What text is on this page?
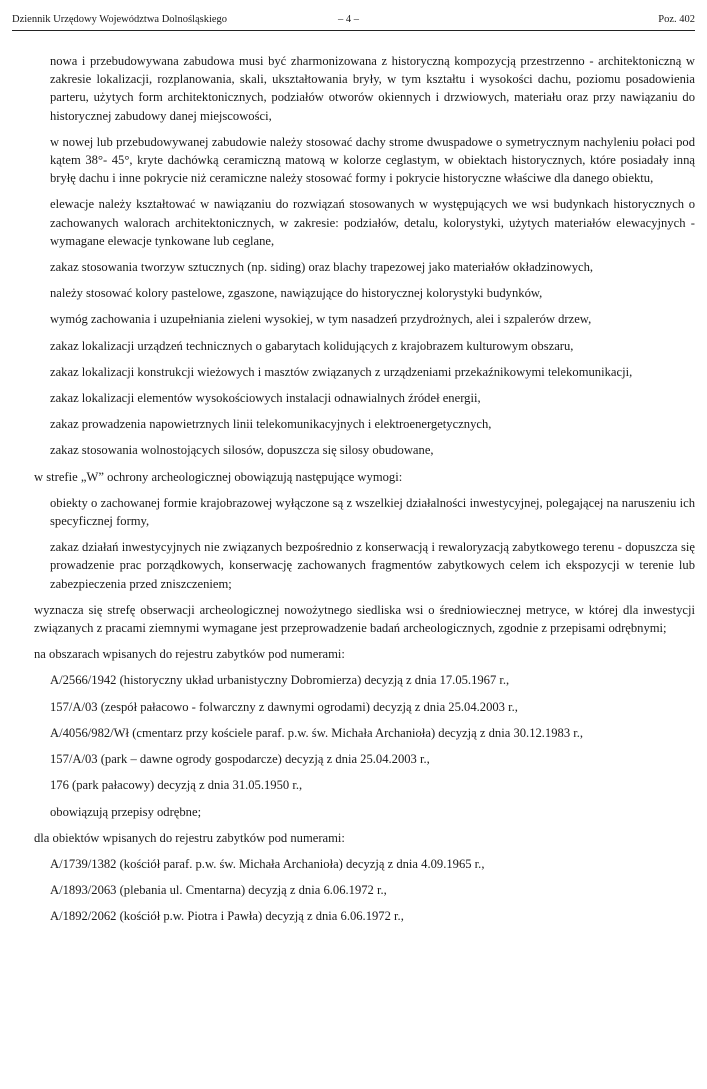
Dziennik Urzędowy Województwa Dolnośląskiego	– 4 –	Poz. 402
nowa i przebudowywana zabudowa musi być zharmonizowana z historyczną kompozycją przestrzenno - architektoniczną w zakresie lokalizacji, rozplanowania, skali, ukształtowania bryły, w tym kształtu i wysokości dachu, poziomu posadowienia parteru, użytych form architektonicznych, podziałów otworów okiennych i drzwiowych, materiału oraz przy nawiązaniu do historycznej zabudowy danej miejscowości,
w nowej lub przebudowywanej zabudowie należy stosować dachy strome dwuspadowe o symetrycznym nachyleniu połaci pod kątem 38°- 45°, kryte dachówką ceramiczną matową w kolorze ceglastym, w obiektach historycznych, które posiadały inną bryłę dachu i inne pokrycie niż ceramiczne należy stosować formy i pokrycie historyczne właściwe dla danego obiektu,
elewacje należy kształtować w nawiązaniu do rozwiązań stosowanych w występujących we wsi budynkach historycznych o zachowanych walorach architektonicznych, w zakresie: podziałów, detalu, kolorystyki, użytych materiałów elewacyjnych - wymagane elewacje tynkowane lub ceglane,
zakaz stosowania tworzyw sztucznych (np. siding) oraz blachy trapezowej jako materiałów okładzinowych,
należy stosować kolory pastelowe, zgaszone, nawiązujące do historycznej kolorystyki budynków,
wymóg zachowania i uzupełniania zieleni wysokiej, w tym nasadzeń przydrożnych, alei i szpalerów drzew,
zakaz lokalizacji urządzeń technicznych o gabarytach kolidujących z krajobrazem kulturowym obszaru,
zakaz lokalizacji konstrukcji wieżowych i masztów związanych z urządzeniami przekaźnikowymi telekomunikacji,
zakaz lokalizacji elementów wysokościowych instalacji odnawialnych źródeł energii,
zakaz prowadzenia napowietrznych linii telekomunikacyjnych i elektroenergetycznych,
zakaz stosowania wolnostojących silosów, dopuszcza się silosy obudowane,
w strefie „W” ochrony archeologicznej obowiązują następujące wymogi:
obiekty o zachowanej formie krajobrazowej wyłączone są z wszelkiej działalności inwestycyjnej, polegającej na naruszeniu ich specyficznej formy,
zakaz działań inwestycyjnych nie związanych bezpośrednio z konserwacją i rewaloryzacją zabytkowego terenu - dopuszcza się prowadzenie prac porządkowych, konserwację zachowanych fragmentów zabytkowych celem ich ekspozycji w terenie lub zabezpieczenia przed zniszczeniem;
wyznacza się strefę obserwacji archeologicznej nowożytnego siedliska wsi o średniowiecznej metryce, w której dla inwestycji związanych z pracami ziemnymi wymagane jest przeprowadzenie badań archeologicznych, zgodnie z przepisami odrębnymi;
na obszarach wpisanych do rejestru zabytków pod numerami:
A/2566/1942 (historyczny układ urbanistyczny Dobromierza) decyzją z dnia 17.05.1967 r.,
157/A/03 (zespół pałacowo - folwarczny z dawnymi ogrodami) decyzją z dnia 25.04.2003 r.,
A/4056/982/Wł (cmentarz przy kościele paraf. p.w. św. Michała Archanioła) decyzją z dnia 30.12.1983 r.,
157/A/03 (park – dawne ogrody gospodarcze) decyzją z dnia 25.04.2003 r.,
176 (park pałacowy) decyzją z dnia 31.05.1950 r.,
obowiązują przepisy odrębne;
dla obiektów wpisanych do rejestru zabytków pod numerami:
A/1739/1382 (kościół paraf. p.w. św. Michała Archanioła) decyzją z dnia 4.09.1965 r.,
A/1893/2063 (plebania ul. Cmentarna) decyzją z dnia 6.06.1972 r.,
A/1892/2062 (kościół p.w. Piotra i Pawła) decyzją z dnia 6.06.1972 r.,
